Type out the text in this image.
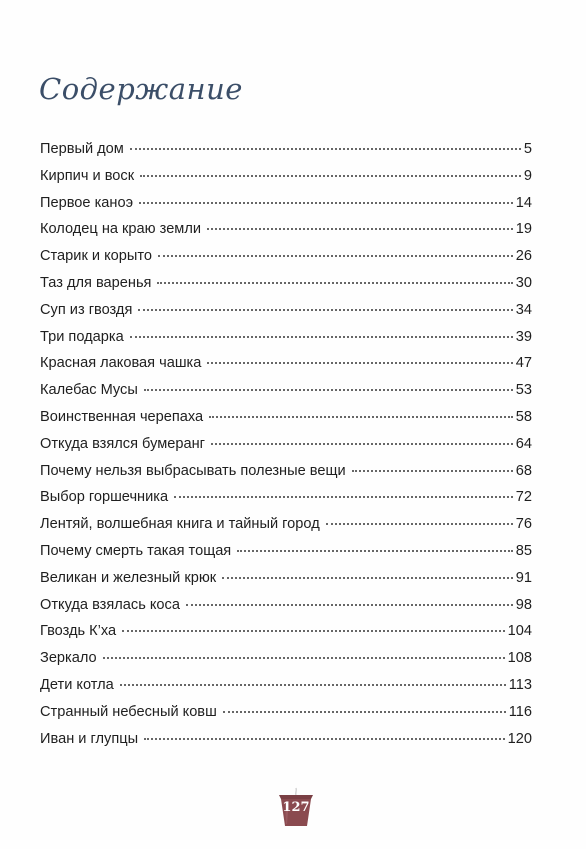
Содержание
Первый дом	5
Кирпич и воск	9
Первое каноэ	14
Колодец на краю земли	19
Старик и корыто	26
Таз для варенья	30
Суп из гвоздя	34
Три подарка	39
Красная лаковая чашка	47
Калебас Мусы	53
Воинственная черепаха	58
Откуда взялся бумеранг	64
Почему нельзя выбрасывать полезные вещи	68
Выбор горшечника	72
Лентяй, волшебная книга и тайный город	76
Почему смерть такая тощая	85
Великан и железный крюк	91
Откуда взялась коса	98
Гвоздь К’ха	104
Зеркало	108
Дети котла	113
Странный небесный ковш	116
Иван и глупцы	120
127
